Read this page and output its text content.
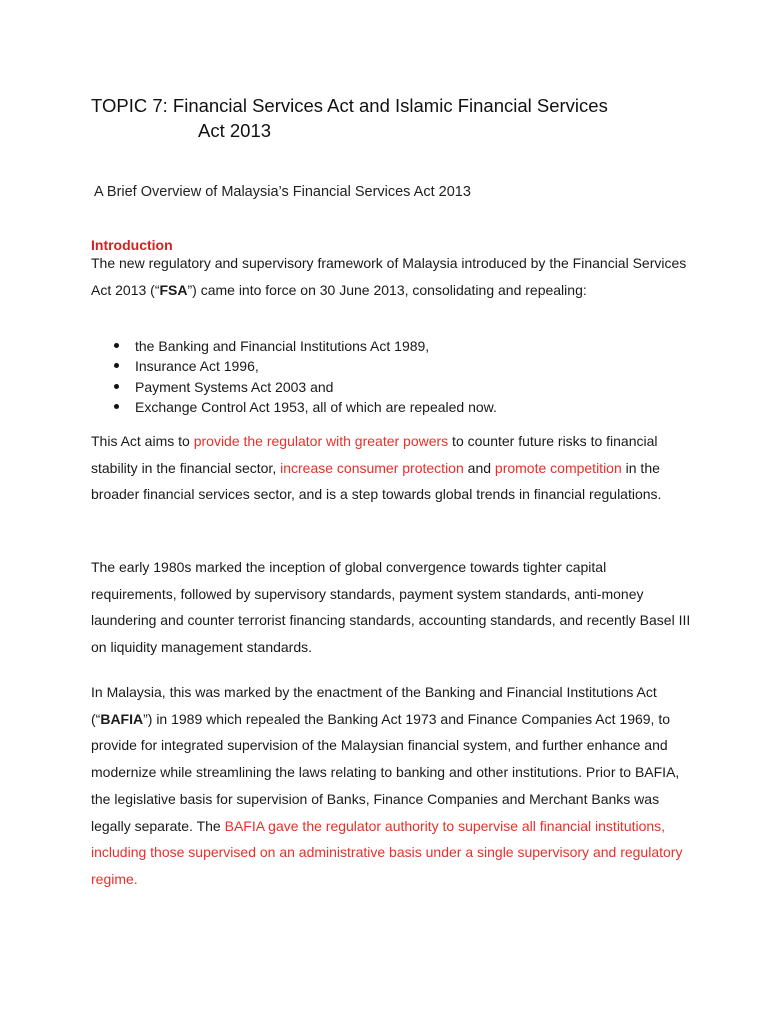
TOPIC 7: Financial Services Act and Islamic Financial Services
Act 2013

A Brief Overview of Malaysia’s Financial Services Act 2013

Introduction

The new regulatory and supervisory framework of Malaysia introduced by the Financial Services Act 2013 (“FSA”) came into force on 30 June 2013, consolidating and repealing:

the Banking and Financial Institutions Act 1989,
Insurance Act 1996,
Payment Systems Act 2003 and
Exchange Control Act 1953, all of which are repealed now.

This Act aims to provide the regulator with greater powers to counter future risks to financial stability in the financial sector, increase consumer protection and promote competition in the broader financial services sector, and is a step towards global trends in financial regulations.

The early 1980s marked the inception of global convergence towards tighter capital requirements, followed by supervisory standards, payment system standards, anti-money laundering and counter terrorist financing standards, accounting standards, and recently Basel III on liquidity management standards.

In Malaysia, this was marked by the enactment of the Banking and Financial Institutions Act (“BAFIA”) in 1989 which repealed the Banking Act 1973 and Finance Companies Act 1969, to provide for integrated supervision of the Malaysian financial system, and further enhance and modernize while streamlining the laws relating to banking and other institutions. Prior to BAFIA, the legislative basis for supervision of Banks, Finance Companies and Merchant Banks was legally separate. The BAFIA gave the regulator authority to supervise all financial institutions, including those supervised on an administrative basis under a single supervisory and regulatory regime.
